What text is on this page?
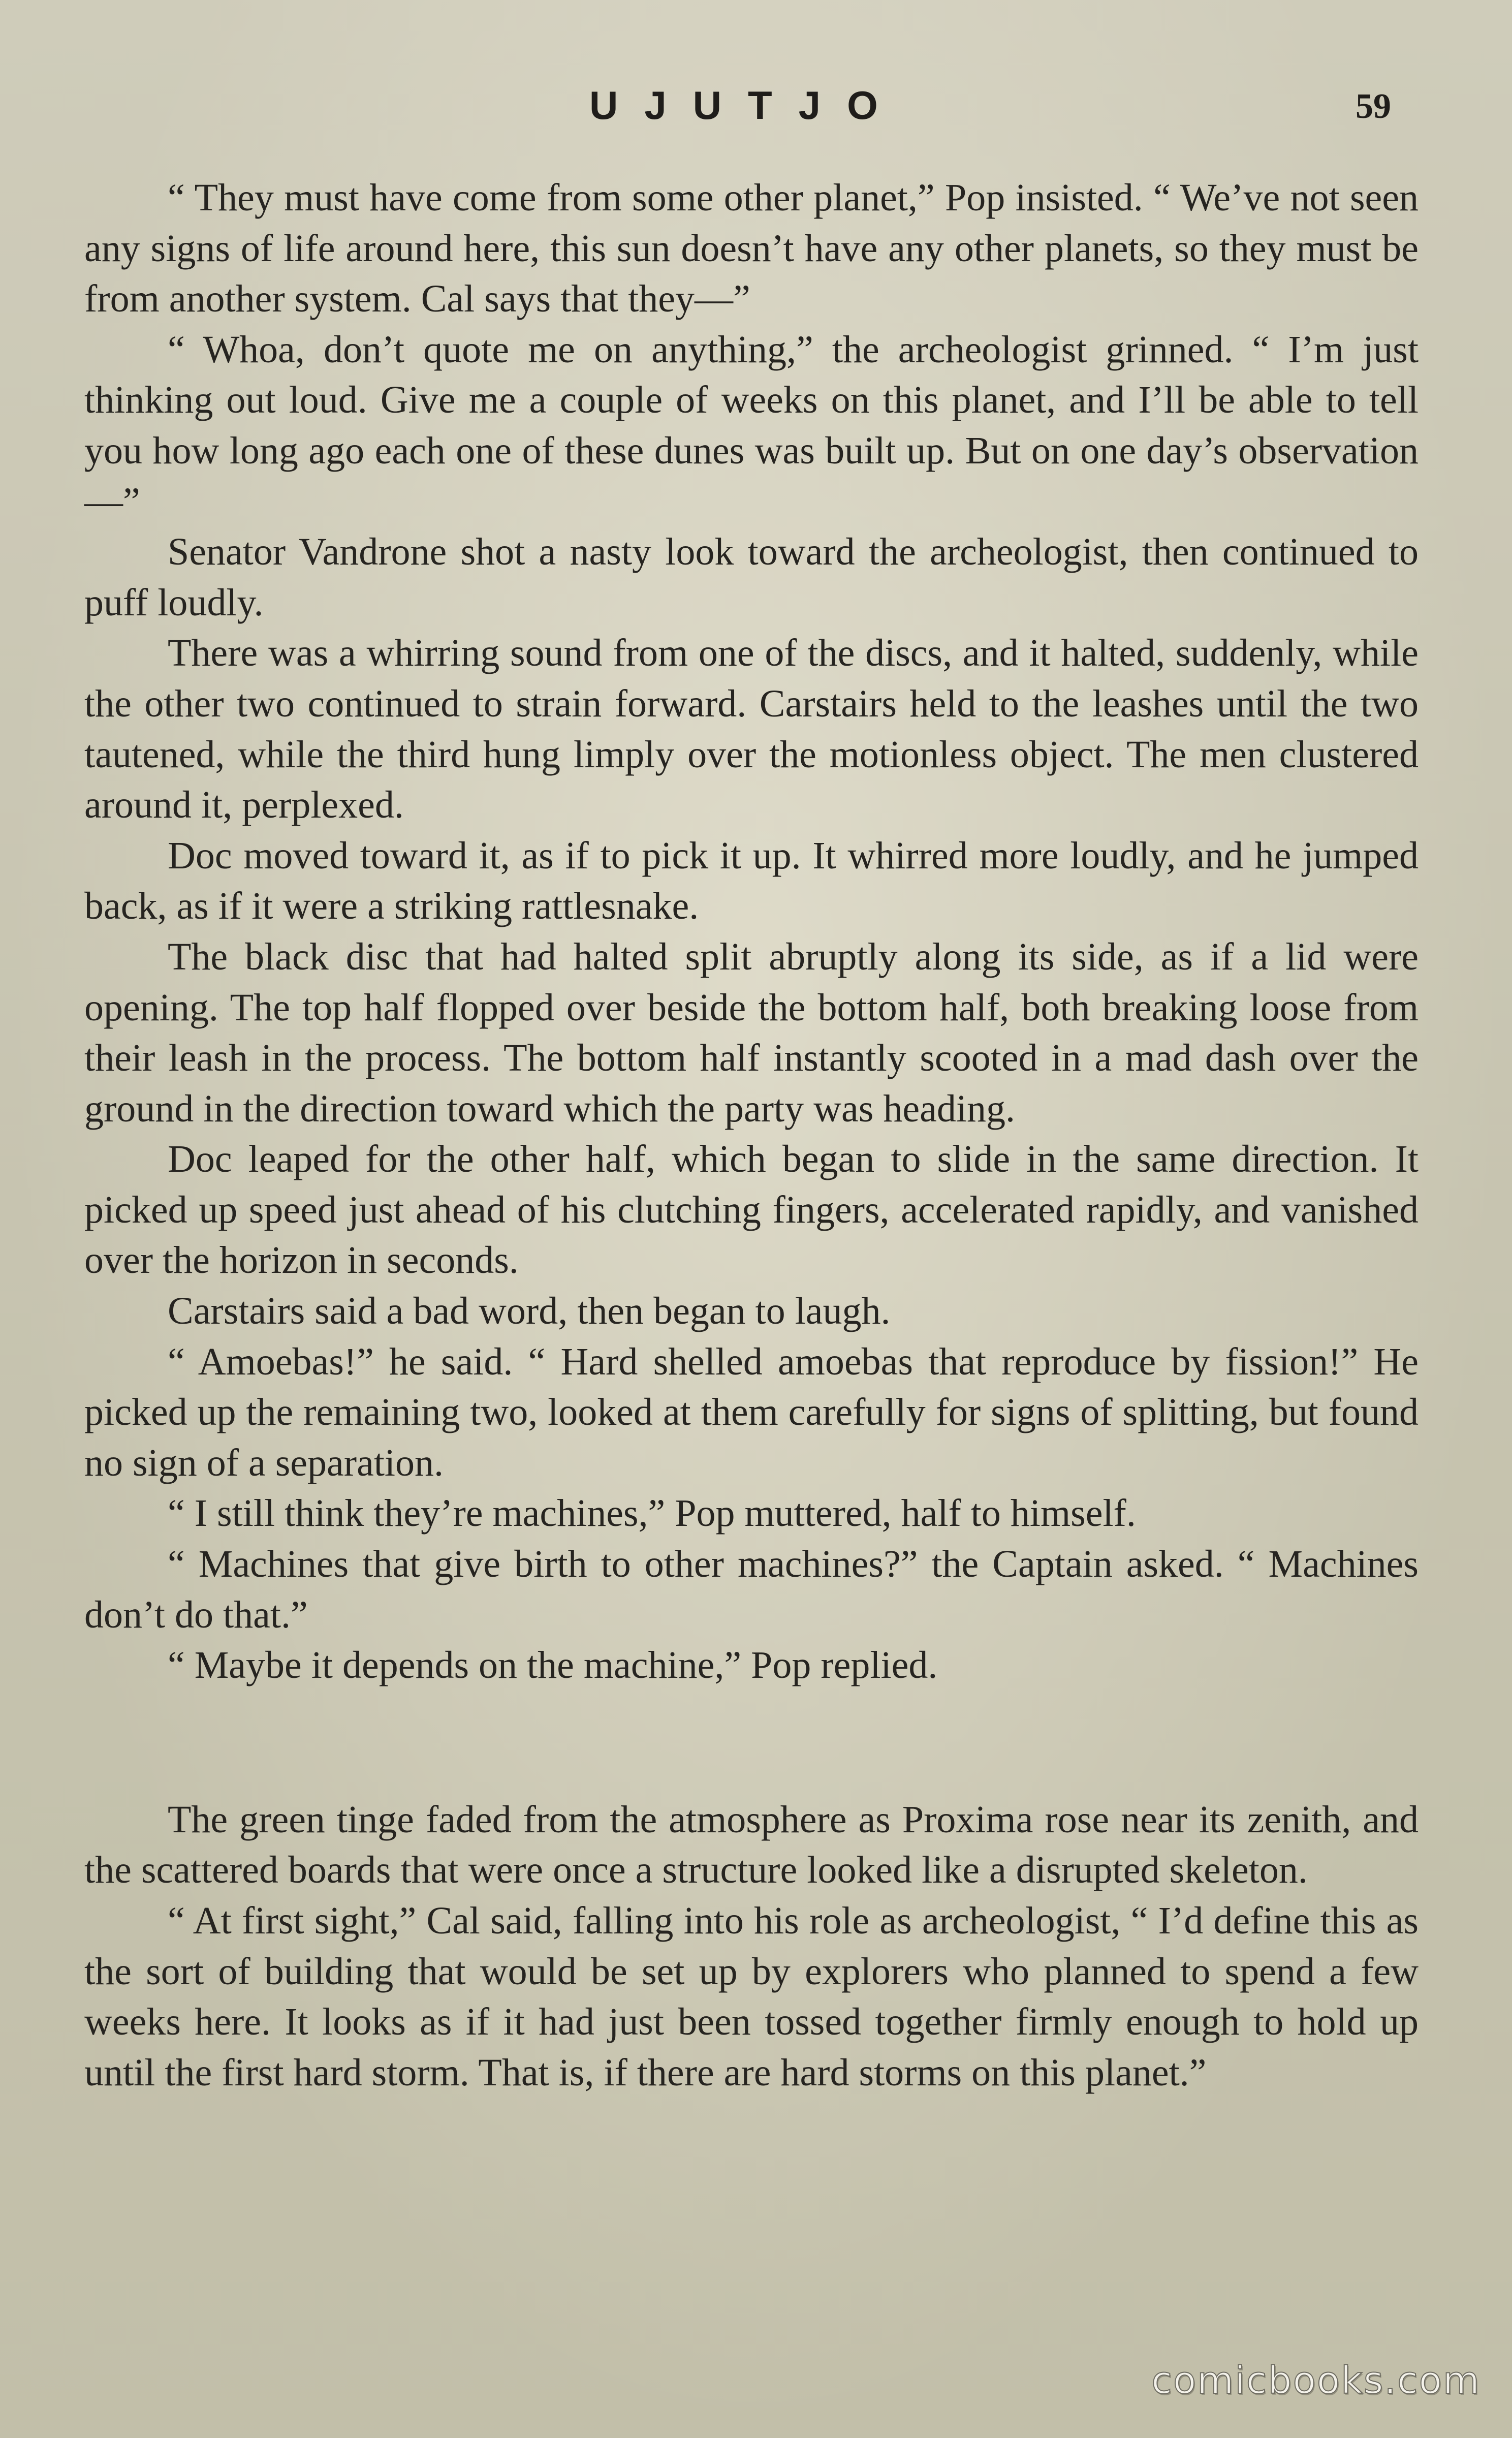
UJUTJO	59

“ They must have come from some other planet,” Pop insisted. “ We’ve not seen any signs of life around here, this sun doesn’t have any other planets, so they must be from another system. Cal says that they—”

“ Whoa, don’t quote me on anything,” the archeologist grinned. “ I’m just thinking out loud. Give me a couple of weeks on this planet, and I’ll be able to tell you how long ago each one of these dunes was built up. But on one day’s observation—”

Senator Vandrone shot a nasty look toward the archeologist, then continued to puff loudly.

There was a whirring sound from one of the discs, and it halted, suddenly, while the other two continued to strain forward. Carstairs held to the leashes until the two tautened, while the third hung limply over the motionless object. The men clustered around it, perplexed.

Doc moved toward it, as if to pick it up. It whirred more loudly, and he jumped back, as if it were a striking rattlesnake.

The black disc that had halted split abruptly along its side, as if a lid were opening. The top half flopped over beside the bottom half, both breaking loose from their leash in the process. The bottom half instantly scooted in a mad dash over the ground in the direction toward which the party was heading.

Doc leaped for the other half, which began to slide in the same direction. It picked up speed just ahead of his clutching fingers, accelerated rapidly, and vanished over the horizon in seconds.

Carstairs said a bad word, then began to laugh.

“ Amoebas!” he said. “ Hard shelled amoebas that reproduce by fission!” He picked up the remaining two, looked at them carefully for signs of splitting, but found no sign of a separation.

“ I still think they’re machines,” Pop muttered, half to himself.

“ Machines that give birth to other machines?” the Captain asked. “ Machines don’t do that.”

“ Maybe it depends on the machine,” Pop replied.

The green tinge faded from the atmosphere as Proxima rose near its zenith, and the scattered boards that were once a structure looked like a disrupted skeleton.

“ At first sight,” Cal said, falling into his role as archeologist, “ I’d define this as the sort of building that would be set up by explorers who planned to spend a few weeks here. It looks as if it had just been tossed together firmly enough to hold up until the first hard storm. That is, if there are hard storms on this planet.”

comicbooks.com
